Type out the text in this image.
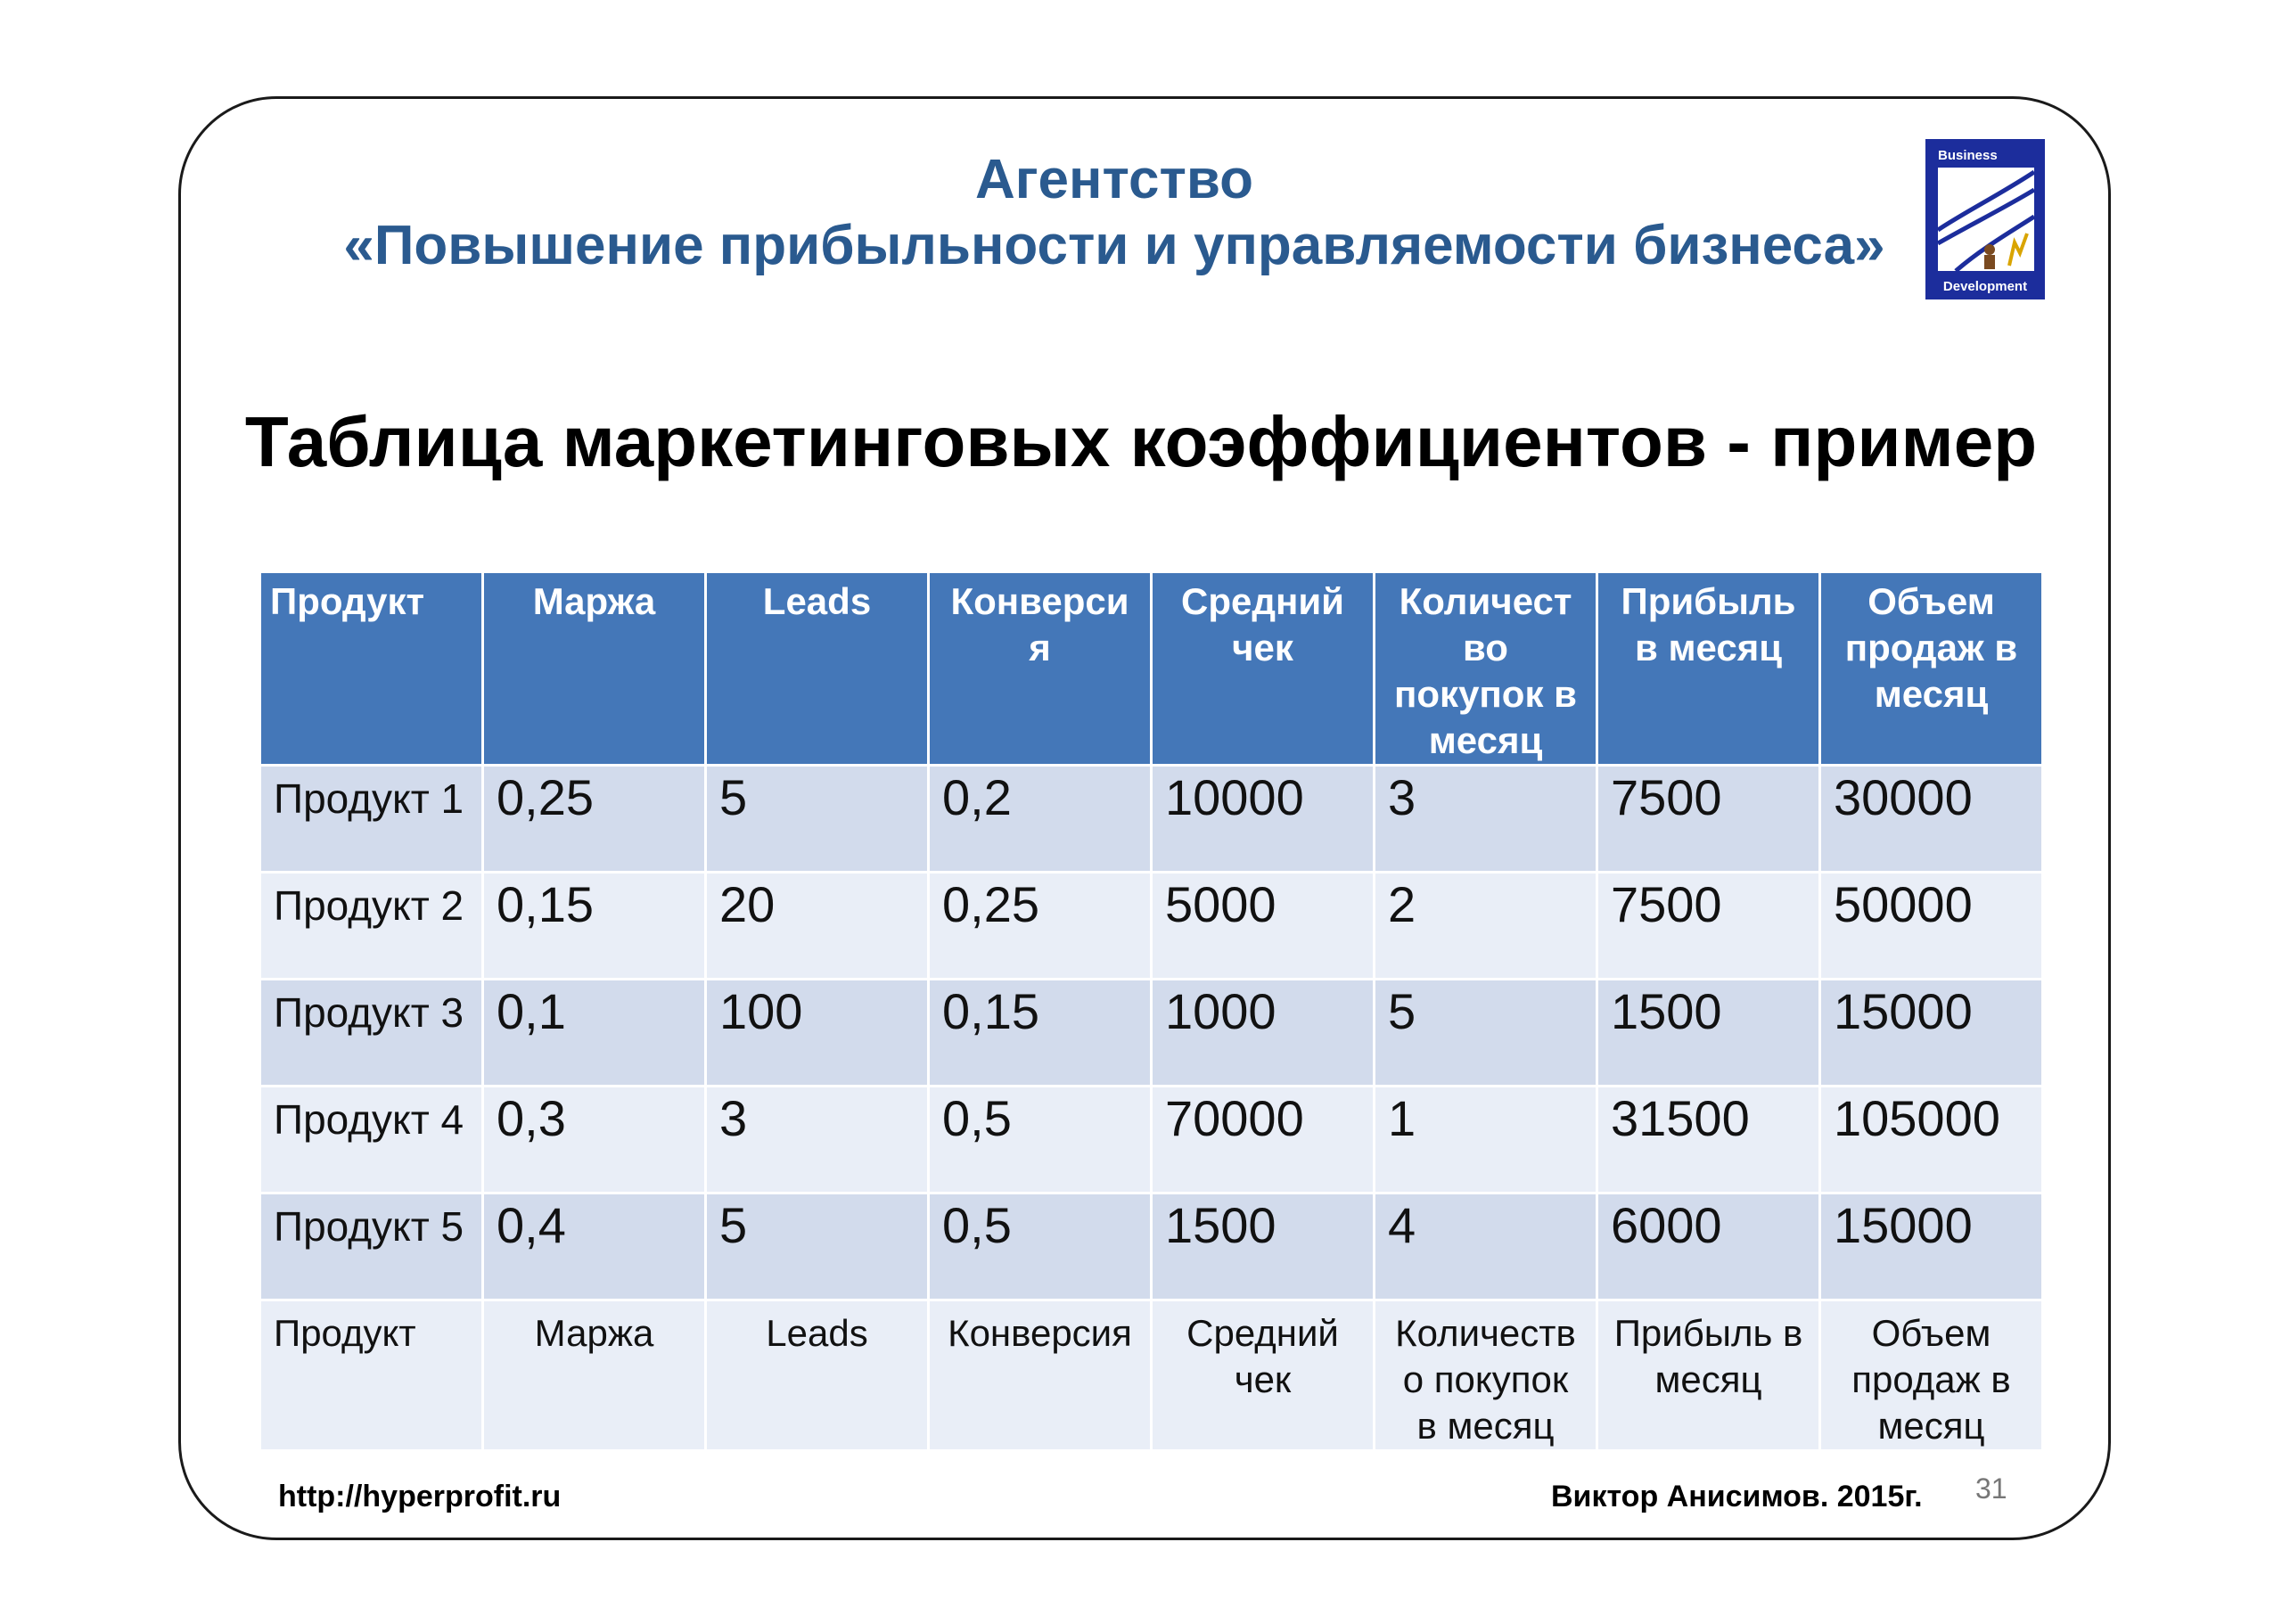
Агентство
«Повышение прибыльности и управляемости бизнеса»
Business
Development
Таблица маркетинговых коэффициентов - пример
Продукт	Маржа	Leads	Конверси я	Средний чек	Количест во покупок в месяц	Прибыль в месяц	Объем продаж в месяц
Продукт 1	0,25	5	0,2	10000	3	7500	30000
Продукт 2	0,15	20	0,25	5000	2	7500	50000
Продукт 3	0,1	100	0,15	1000	5	1500	15000
Продукт 4	0,3	3	0,5	70000	1	31500	105000
Продукт 5	0,4	5	0,5	1500	4	6000	15000
Продукт	Маржа	Leads	Конверсия	Средний чек	Количеств о покупок в месяц	Прибыль в месяц	Объем продаж в месяц
http://hyperprofit.ru	Виктор Анисимов. 2015г. 31
